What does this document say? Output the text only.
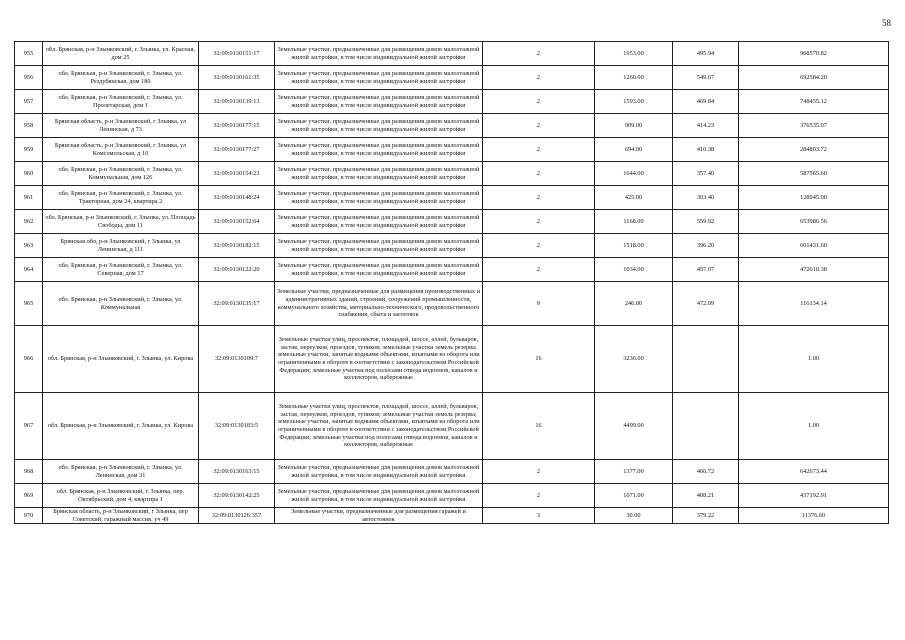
58
955	обл. Брянская, р-н Злынковский, г. Злынка, ул. Красная, дом 25	32:09:0130151:17	Земельные участки, предназначенные для размещения домов малоэтажной жилой застройки, в том числе индивидуальной жилой застройки	2	1953.00	495.94	968570.82
956	обл. Брянская, р-н Злынковский, г. Злынка, ул. Рездубянская, дом 180	32:09:0130161:35	Земельные участки, предназначенные для размещения домов малоэтажной жилой застройки, в том числе индивидуальной жилой застройки	2	1260.00	549.67	692584.20
957	обл. Брянская, р-н Злынковский, г. Злынка, ул. Пролетарская, дом 1	32:09:0130139:13	Земельные участки, предназначенные для размещения домов малоэтажной жилой застройки, в том числе индивидуальной жилой застройки	2	1593.00	469.84	748455.12
958	Брянская область, р-н Злынковский, г Злынка, ул Ленинская, д 73	32:09:0130177:15	Земельные участки, предназначенные для размещения домов малоэтажной жилой застройки, в том числе индивидуальной жилой застройки	2	909.00	414.23	376535.07
959	Брянская область, р-н Злынковский, г Злынка, ул Комсомольская, д 10	32:09:0130177:27	Земельные участки, предназначенные для размещения домов малоэтажной жилой застройки, в том числе индивидуальной жилой застройки	2	694.00	410.38	284803.72
960	обл. Брянская, р-н Злынковский, г. Злынка, ул. Коммунальная, дом 126	32:09:0130154:23	Земельные участки, предназначенные для размещения домов малоэтажной жилой застройки, в том числе индивидуальной жилой застройки	2	1644.00	357.40	587565.60
961	обл. Брянская, р-н Злынковский, г. Злынка, ул. Тракторная, дом 24, квартира 2	32:09:0130148:24	Земельные участки, предназначенные для размещения домов малоэтажной жилой застройки, в том числе индивидуальной жилой застройки	2	425.00	303.40	128945.00
962	обл. Брянская, р-н Злынковский, г. Злынка, ул. Площадь Свободы, дом 11	32:09:0130152:64	Земельные участки, предназначенные для размещения домов малоэтажной жилой застройки, в том числе индивидуальной жилой застройки	2	1168.00	559.92	653986.56
963	Брянская обл, р-н Злынковский, г Злынка, ул Ленинская, д 111	32:09:0130182:15	Земельные участки, предназначенные для размещения домов малоэтажной жилой застройки, в том числе индивидуальной жилой застройки	2	1518.00	396.20	601431.60
964	обл. Брянская, р-н Злынковский, г. Злынка, ул. Северная, дом 17	32:09:0130122:20	Земельные участки, предназначенные для размещения домов малоэтажной жилой застройки, в том числе индивидуальной жилой застройки	2	1034.00	457.07	472610.38
965	обл. Брянская, р-н Злынковский, г. Злынка, ул. Коммунальная	32:09:0130135:17	Земельные участки, предназначенные для размещения производственных и административных зданий, строений, сооружений промышленности, коммунального хозяйства, материально-технического, продовольственного снабжения, сбыта и заготовок	9	246.00	472.09	116134.14
966	обл. Брянская, р-н Злынковский, г. Злынка, ул. Кирова	32:09:0130109:7	Земельные участки улиц, проспектов, площадей, шоссе, аллей, бульваров, застав, переулков, проездов, тупиков; земельные участки земель резерва; земельные участки, занятые водными объектами, изъятыми из оборота или ограниченными в обороте в соответствии с законодательством Российской Федерации; земельные участки под полосами отвода водоемов, каналов и коллекторов, набережные	16	3236.00		1.00
967	обл. Брянская, р-н Злынковский, г. Злынка, ул. Кирова	32:09:0130183:5	Земельные участки улиц, проспектов, площадей, шоссе, аллей, бульваров, застав, переулков, проездов, тупиков; земельные участки земель резерва; земельные участки, занятые водными объектами, изъятыми из оборота или ограниченными в обороте в соответствии с законодательством Российской Федерации; земельные участки под полосами отвода водоемов, каналов и коллекторов, набережные	16	4499.00		1.00
968	обл. Брянская, р-н Злынковский, г. Злынка, ул. Ленинская, дом 31	32:09:0130163:15	Земельные участки, предназначенные для размещения домов малоэтажной жилой застройки, в том числе индивидуальной жилой застройки	2	1377.00	466.72	642673.44
969	обл. Брянская, р-н Злынковский, г. Злынка, пер. Октябрьский, дом 4, квартира 1	32:09:0130142:25	Земельные участки, предназначенные для размещения домов малоэтажной жилой застройки, в том числе индивидуальной жилой застройки	2	1071.00	408.21	437192.91
970	Брянская область, р-н Злынковский, г Злынка, пер Советский, гаражный массив, уч 49	32:09:0130126:357	Земельные участки, предназначенные для размещения гаражей и автостоянок	3	30.00	379.22	11376.60
